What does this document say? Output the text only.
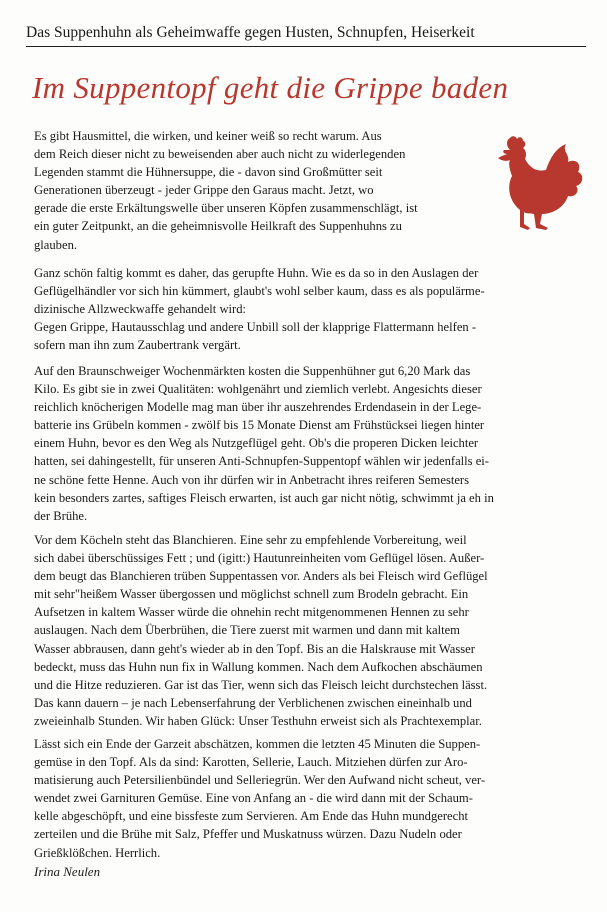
Das Suppenhuhn als Geheimwaffe gegen Husten, Schnupfen, Heiserkeit
Im Suppentopf geht die Grippe baden
Es gibt Hausmittel, die wirken, und keiner weiß so recht warum. Aus
dem Reich dieser nicht zu beweisenden aber auch nicht zu widerlegenden
Legenden stammt die Hühnersuppe, die - davon sind Großmütter seit
Generationen überzeugt - jeder Grippe den Garaus macht. Jetzt, wo
gerade die erste Erkältungswelle über unseren Köpfen zusammenschlägt, ist
ein guter Zeitpunkt, an die geheimnisvolle Heilkraft des Suppenhuhns zu
glauben.
Ganz schön faltig kommt es daher, das gerupfte Huhn. Wie es da so in den Auslagen der
Geflügelhändler vor sich hin kümmert, glaubt's wohl selber kaum, dass es als populärme-
dizinische Allzweckwaffe gehandelt wird:
Gegen Grippe, Hautausschlag und andere Unbill soll der klapprige Flattermann helfen -
sofern man ihn zum Zaubertrank vergärt.
Auf den Braunschweiger Wochenmärkten kosten die Suppenhühner gut 6,20 Mark das
Kilo. Es gibt sie in zwei Qualitäten: wohlgenährt und ziemlich verlebt. Angesichts dieser
reichlich knöcherigen Modelle mag man über ihr auszehrendes Erdendasein in der Lege-
batterie ins Grübeln kommen - zwölf bis 15 Monate Dienst am Frühstücksei liegen hinter
einem Huhn, bevor es den Weg als Nutzgeflügel geht. Ob's die properen Dicken leichter
hatten, sei dahingestellt, für unseren Anti-Schnupfen-Suppentopf wählen wir jedenfalls ei-
ne schöne fette Henne. Auch von ihr dürfen wir in Anbetracht ihres reiferen Semesters
kein besonders zartes, saftiges Fleisch erwarten, ist auch gar nicht nötig, schwimmt ja eh in
der Brühe.
Vor dem Köcheln steht das Blanchieren. Eine sehr zu empfehlende Vorbereitung, weil
sich dabei überschüssiges Fett ; und (igitt:) Hautunreinheiten vom Geflügel lösen. Außer-
dem beugt das Blanchieren trüben Suppentassen vor. Anders als bei Fleisch wird Geflügel
mit sehr"heißem Wasser übergossen und möglichst schnell zum Brodeln gebracht. Ein
Aufsetzen in kaltem Wasser würde die ohnehin recht mitgenommenen Hennen zu sehr
auslaugen. Nach dem Überbrühen, die Tiere zuerst mit warmen und dann mit kaltem
Wasser abbrausen, dann geht's wieder ab in den Topf. Bis an die Halskrause mit Wasser
bedeckt, muss das Huhn nun fix in Wallung kommen. Nach dem Aufkochen abschäumen
und die Hitze reduzieren. Gar ist das Tier, wenn sich das Fleisch leicht durchstechen lässt.
Das kann dauern – je nach Lebenserfahrung der Verblichenen zwischen eineinhalb und
zweieinhalb Stunden. Wir haben Glück: Unser Testhuhn erweist sich als Prachtexemplar.
Lässt sich ein Ende der Garzeit abschätzen, kommen die letzten 45 Minuten die Suppen-
gemüse in den Topf. Als da sind: Karotten, Sellerie, Lauch. Mitziehen dürfen zur Aro-
matisierung auch Petersilienbündel und Selleriegrün. Wer den Aufwand nicht scheut, ver-
wendet zwei Garnituren Gemüse. Eine von Anfang an - die wird dann mit der Schaum-
kelle abgeschöpft, und eine bissfeste zum Servieren. Am Ende das Huhn mundgerecht
zerteilen und die Brühe mit Salz, Pfeffer und Muskatnuss würzen. Dazu Nudeln oder
Grießklößchen. Herrlich.
Irina Neulen
